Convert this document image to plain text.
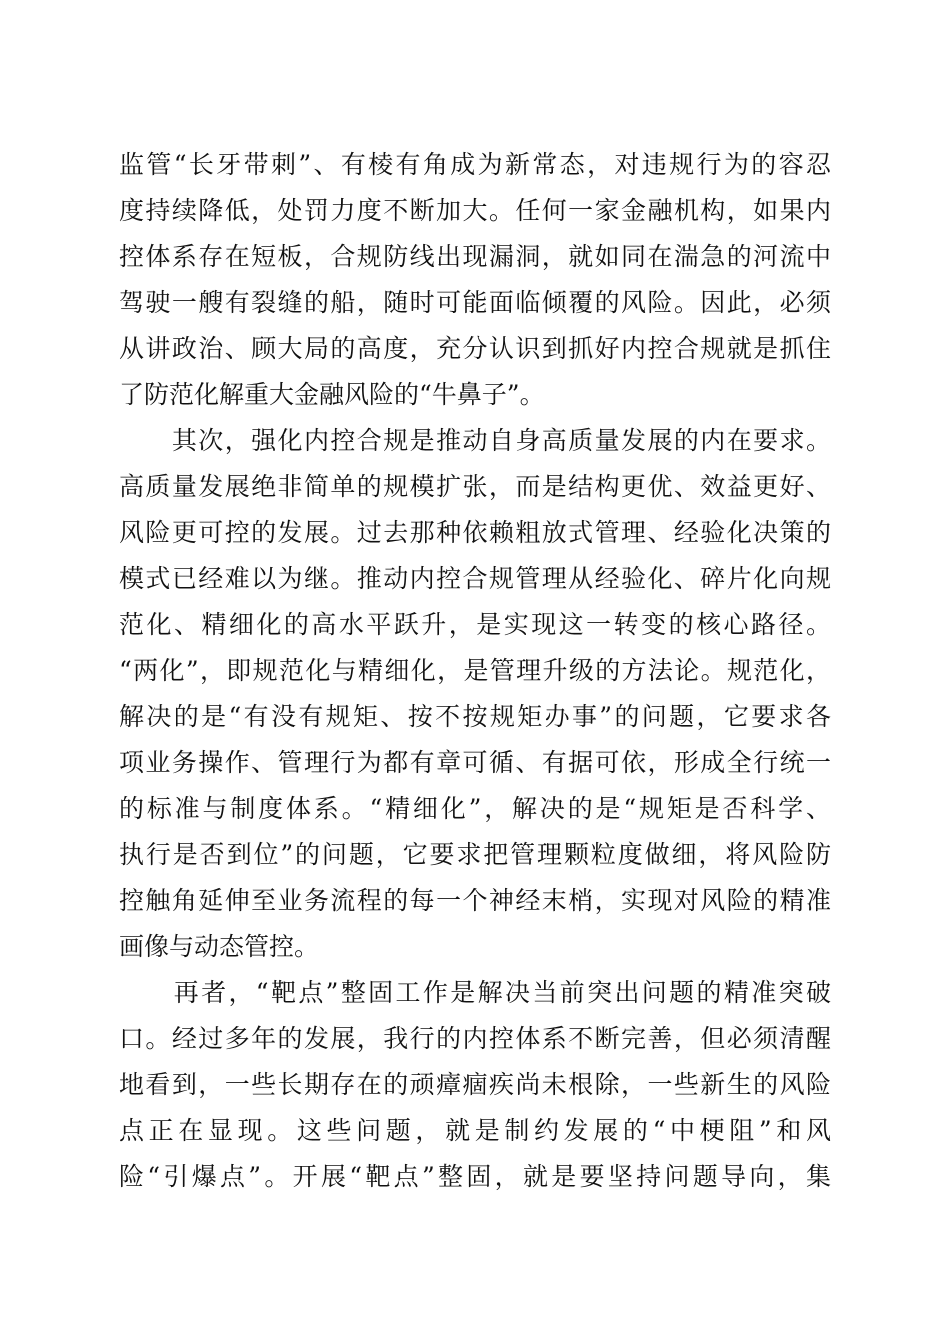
监管“长牙带刺”、有棱有角成为新常态，对违规行为的容忍
度持续降低，处罚力度不断加大。任何一家金融机构，如果内
控体系存在短板，合规防线出现漏洞，就如同在湍急的河流中
驾驶一艘有裂缝的船，随时可能面临倾覆的风险。因此，必须
从讲政治、顾大局的高度，充分认识到抓好内控合规就是抓住
了防范化解重大金融风险的“牛鼻子”。
　　其次，强化内控合规是推动自身高质量发展的内在要求。
高质量发展绝非简单的规模扩张，而是结构更优、效益更好、
风险更可控的发展。过去那种依赖粗放式管理、经验化决策的
模式已经难以为继。推动内控合规管理从经验化、碎片化向规
范化、精细化的高水平跃升，是实现这一转变的核心路径。
“两化”，即规范化与精细化，是管理升级的方法论。规范化，
解决的是“有没有规矩、按不按规矩办事”的问题，它要求各
项业务操作、管理行为都有章可循、有据可依，形成全行统一
的标准与制度体系。“精细化”，解决的是“规矩是否科学、
执行是否到位”的问题，它要求把管理颗粒度做细，将风险防
控触角延伸至业务流程的每一个神经末梢，实现对风险的精准
画像与动态管控。
　　再者，“靶点”整固工作是解决当前突出问题的精准突破
口。经过多年的发展，我行的内控体系不断完善，但必须清醒
地看到，一些长期存在的顽瘴痼疾尚未根除，一些新生的风险
点正在显现。这些问题，就是制约发展的“中梗阻”和风
险“引爆点”。开展“靶点”整固，就是要坚持问题导向，集
